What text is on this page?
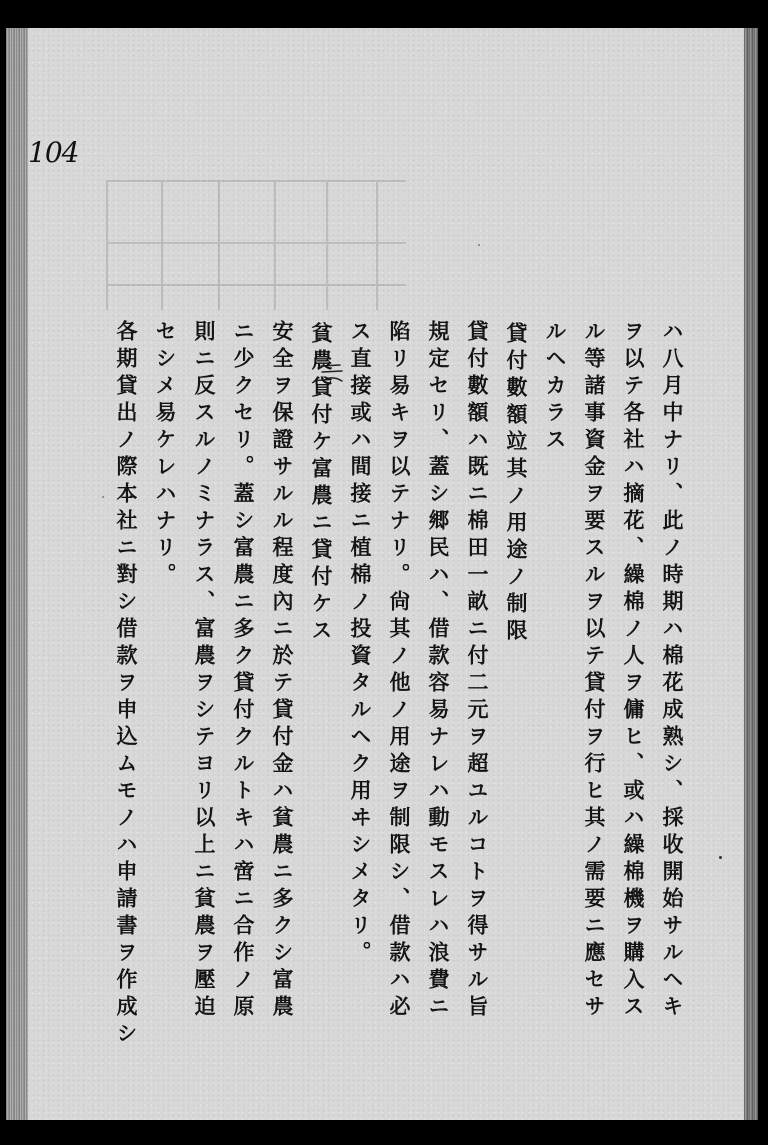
104
ハ八月中ナリ、此ノ時期ハ棉花成熟シ、採收開始サルヘキ
ヲ以テ各社ハ摘花、繰棉ノ人ヲ傭ヒ、或ハ繰棉機ヲ購入ス
ル等諸事資金ヲ要スルヲ以テ貸付ヲ行ヒ其ノ需要ニ應セサ
ルヘカラス
貸付數額竝其ノ用途ノ制限
貸付數額ハ既ニ棉田一畝ニ付二元ヲ超ユルコトヲ得サル旨
規定セリ、蓋シ郷民ハ、借款容易ナレハ動モスレハ浪費ニ
陷リ易キヲ以テナリ。尙其ノ他ノ用途ヲ制限シ、借款ハ必
ス直接或ハ間接ニ植棉ノ投資タルヘク用ヰシメタリ。
貧農貸付ケ富農ニ貸付ケス
安全ヲ保證サルル程度內ニ於テ貸付金ハ貧農ニ多クシ富農
ニ少クセリ。蓋シ富農ニ多ク貸付クルトキハ啻ニ合作ノ原
則ニ反スルノミナラス、富農ヲシテヨリ以上ニ貧農ヲ壓迫
セシメ易ケレハナリ。
各期貸出ノ際本社ニ對シ借款ヲ申込ムモノハ申請書ヲ作成シ
